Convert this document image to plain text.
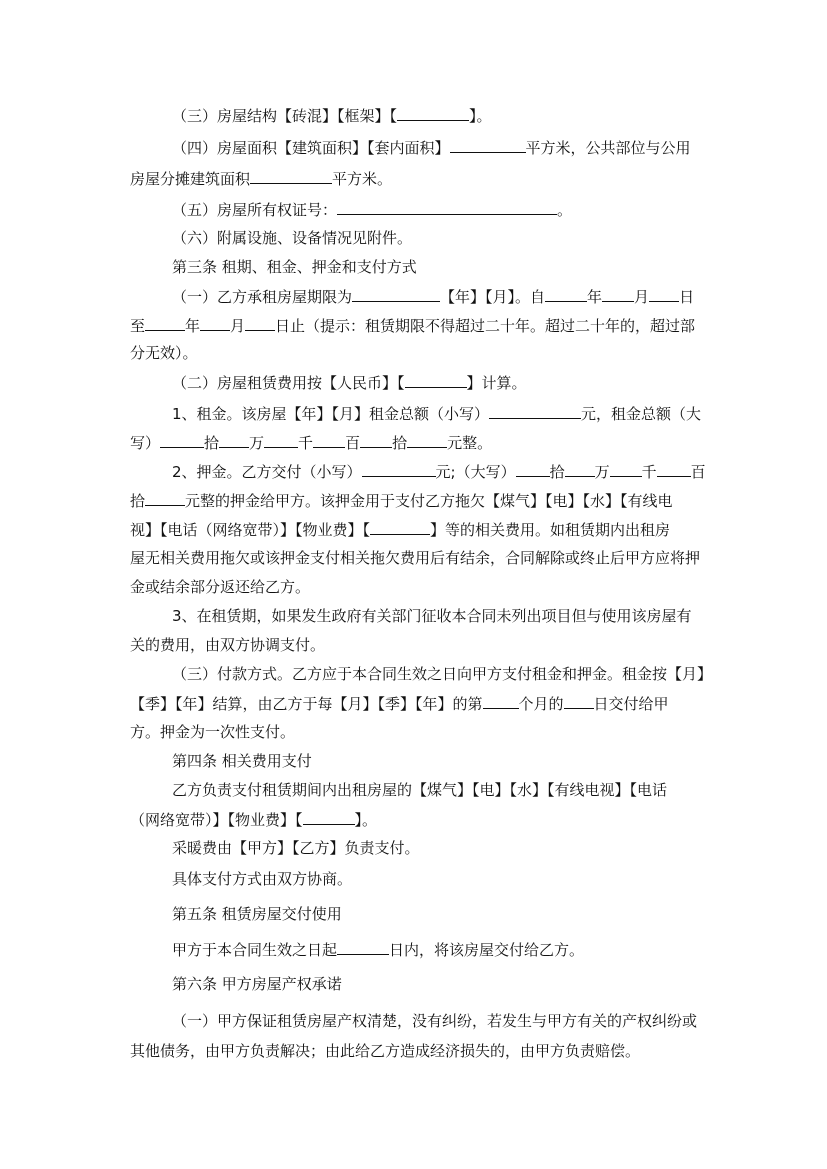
（三）房屋结构【砖混】【框架】【	】。
（四）房屋面积【建筑面积】【套内面积】	平方米，公共部位与公用
房屋分摊建筑面积	平方米。
（五）房屋所有权证号：	。
（六）附属设施、设备情况见附件。
第三条 租期、租金、押金和支付方式
（一）乙方承租房屋期限为	【年】【月】。自	年 月 日
至	年 月 日止（提示：租赁期限不得超过二十年。超过二十年的，超过部
分无效）。
（二）房屋租赁费用按【人民币】【	】计算。
1、租金。该房屋【年】【月】租金总额（小写）	元，租金总额（大
写）	拾 万 千 百 拾	元整。
2、押金。乙方交付（小写）	元;（大写） 拾 万 千 百
拾	元整的押金给甲方。该押金用于支付乙方拖欠【煤气】【电】【水】【有线电
视】【电话（网络宽带）】【物业费】【	】等的相关费用。如租赁期内出租房
屋无相关费用拖欠或该押金支付相关拖欠费用后有结余，合同解除或终止后甲方应将押
金或结余部分返还给乙方。
3、在租赁期，如果发生政府有关部门征收本合同未列出项目但与使用该房屋有
关的费用，由双方协调支付。
（三）付款方式。乙方应于本合同生效之日向甲方支付租金和押金。租金按【月】
【季】【年】结算，由乙方于每【月】【季】【年】的第 个月的 日交付给甲
方。押金为一次性支付。
第四条 相关费用支付
乙方负责支付租赁期间内出租房屋的【煤气】【电】【水】【有线电视】【电话
（网络宽带）】【物业费】【	】。
采暖费由【甲方】【乙方】负责支付。
具体支付方式由双方协商。
第五条 租赁房屋交付使用
甲方于本合同生效之日起	日内，将该房屋交付给乙方。
第六条 甲方房屋产权承诺
（一）甲方保证租赁房屋产权清楚，没有纠纷，若发生与甲方有关的产权纠纷或
其他债务，由甲方负责解决；由此给乙方造成经济损失的，由甲方负责赔偿。
